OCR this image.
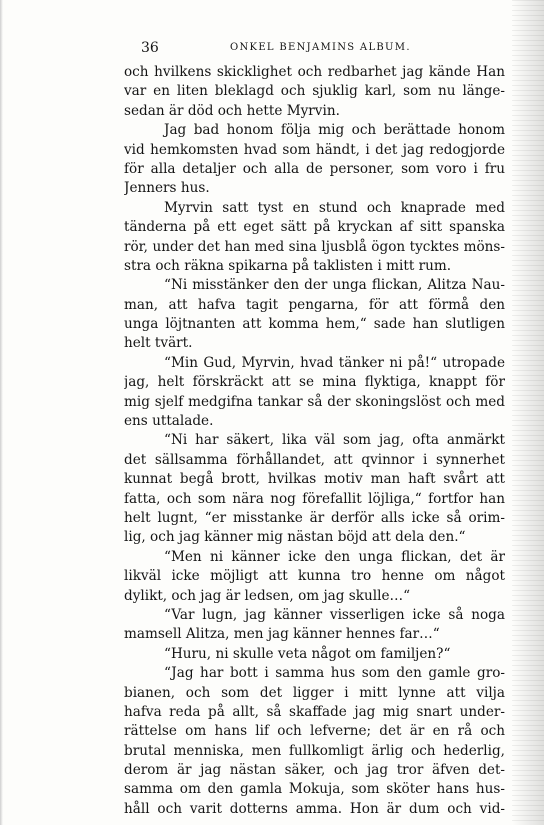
36	ONKEL BENJAMINS ALBUM.
och hvilkens skicklighet och redbarhet jag kände Han
var en liten bleklagd och sjuklig karl, som nu länge-
sedan är död och hette Myrvin.
Jag bad honom följa mig och berättade honom
vid hemkomsten hvad som händt, i det jag redogjorde
för alla detaljer och alla de personer, som voro i fru
Jenners hus.
Myrvin satt tyst en stund och knaprade med
tänderna på ett eget sätt på kryckan af sitt spanska
rör, under det han med sina ljusblå ögon tycktes möns-
stra och räkna spikarna på taklisten i mitt rum.
“Ni misstänker den der unga flickan, Alitza Nau-
man, att hafva tagit pengarna, för att förmå den
unga löjtnanten att komma hem,“ sade han slutligen
helt tvärt.
“Min Gud, Myrvin, hvad tänker ni på!“ utropade
jag, helt förskräckt att se mina flyktiga, knappt för
mig sjelf medgifna tankar så der skoningslöst och med
ens uttalade.
“Ni har säkert, lika väl som jag, ofta anmärkt
det sällsamma förhållandet, att qvinnor i synnerhet
kunnat begå brott, hvilkas motiv man haft svårt att
fatta, och som nära nog förefallit löjliga,“ fortfor han
helt lugnt, “er misstanke är derför alls icke så orim-
lig, och jag känner mig nästan böjd att dela den.“
“Men ni känner icke den unga flickan, det är
likväl icke möjligt att kunna tro henne om något
dylikt, och jag är ledsen, om jag skulle…“
“Var lugn, jag känner visserligen icke så noga
mamsell Alitza, men jag känner hennes far…“
“Huru, ni skulle veta något om familjen?“
“Jag har bott i samma hus som den gamle gro-
bianen, och som det ligger i mitt lynne att vilja
hafva reda på allt, så skaffade jag mig snart under-
rättelse om hans lif och lefverne; det är en rå och
brutal menniska, men fullkomligt ärlig och hederlig,
derom är jag nästan säker, och jag tror äfven det-
samma om den gamla Mokuja, som sköter hans hus-
håll och varit dotterns amma. Hon är dum och vid-
